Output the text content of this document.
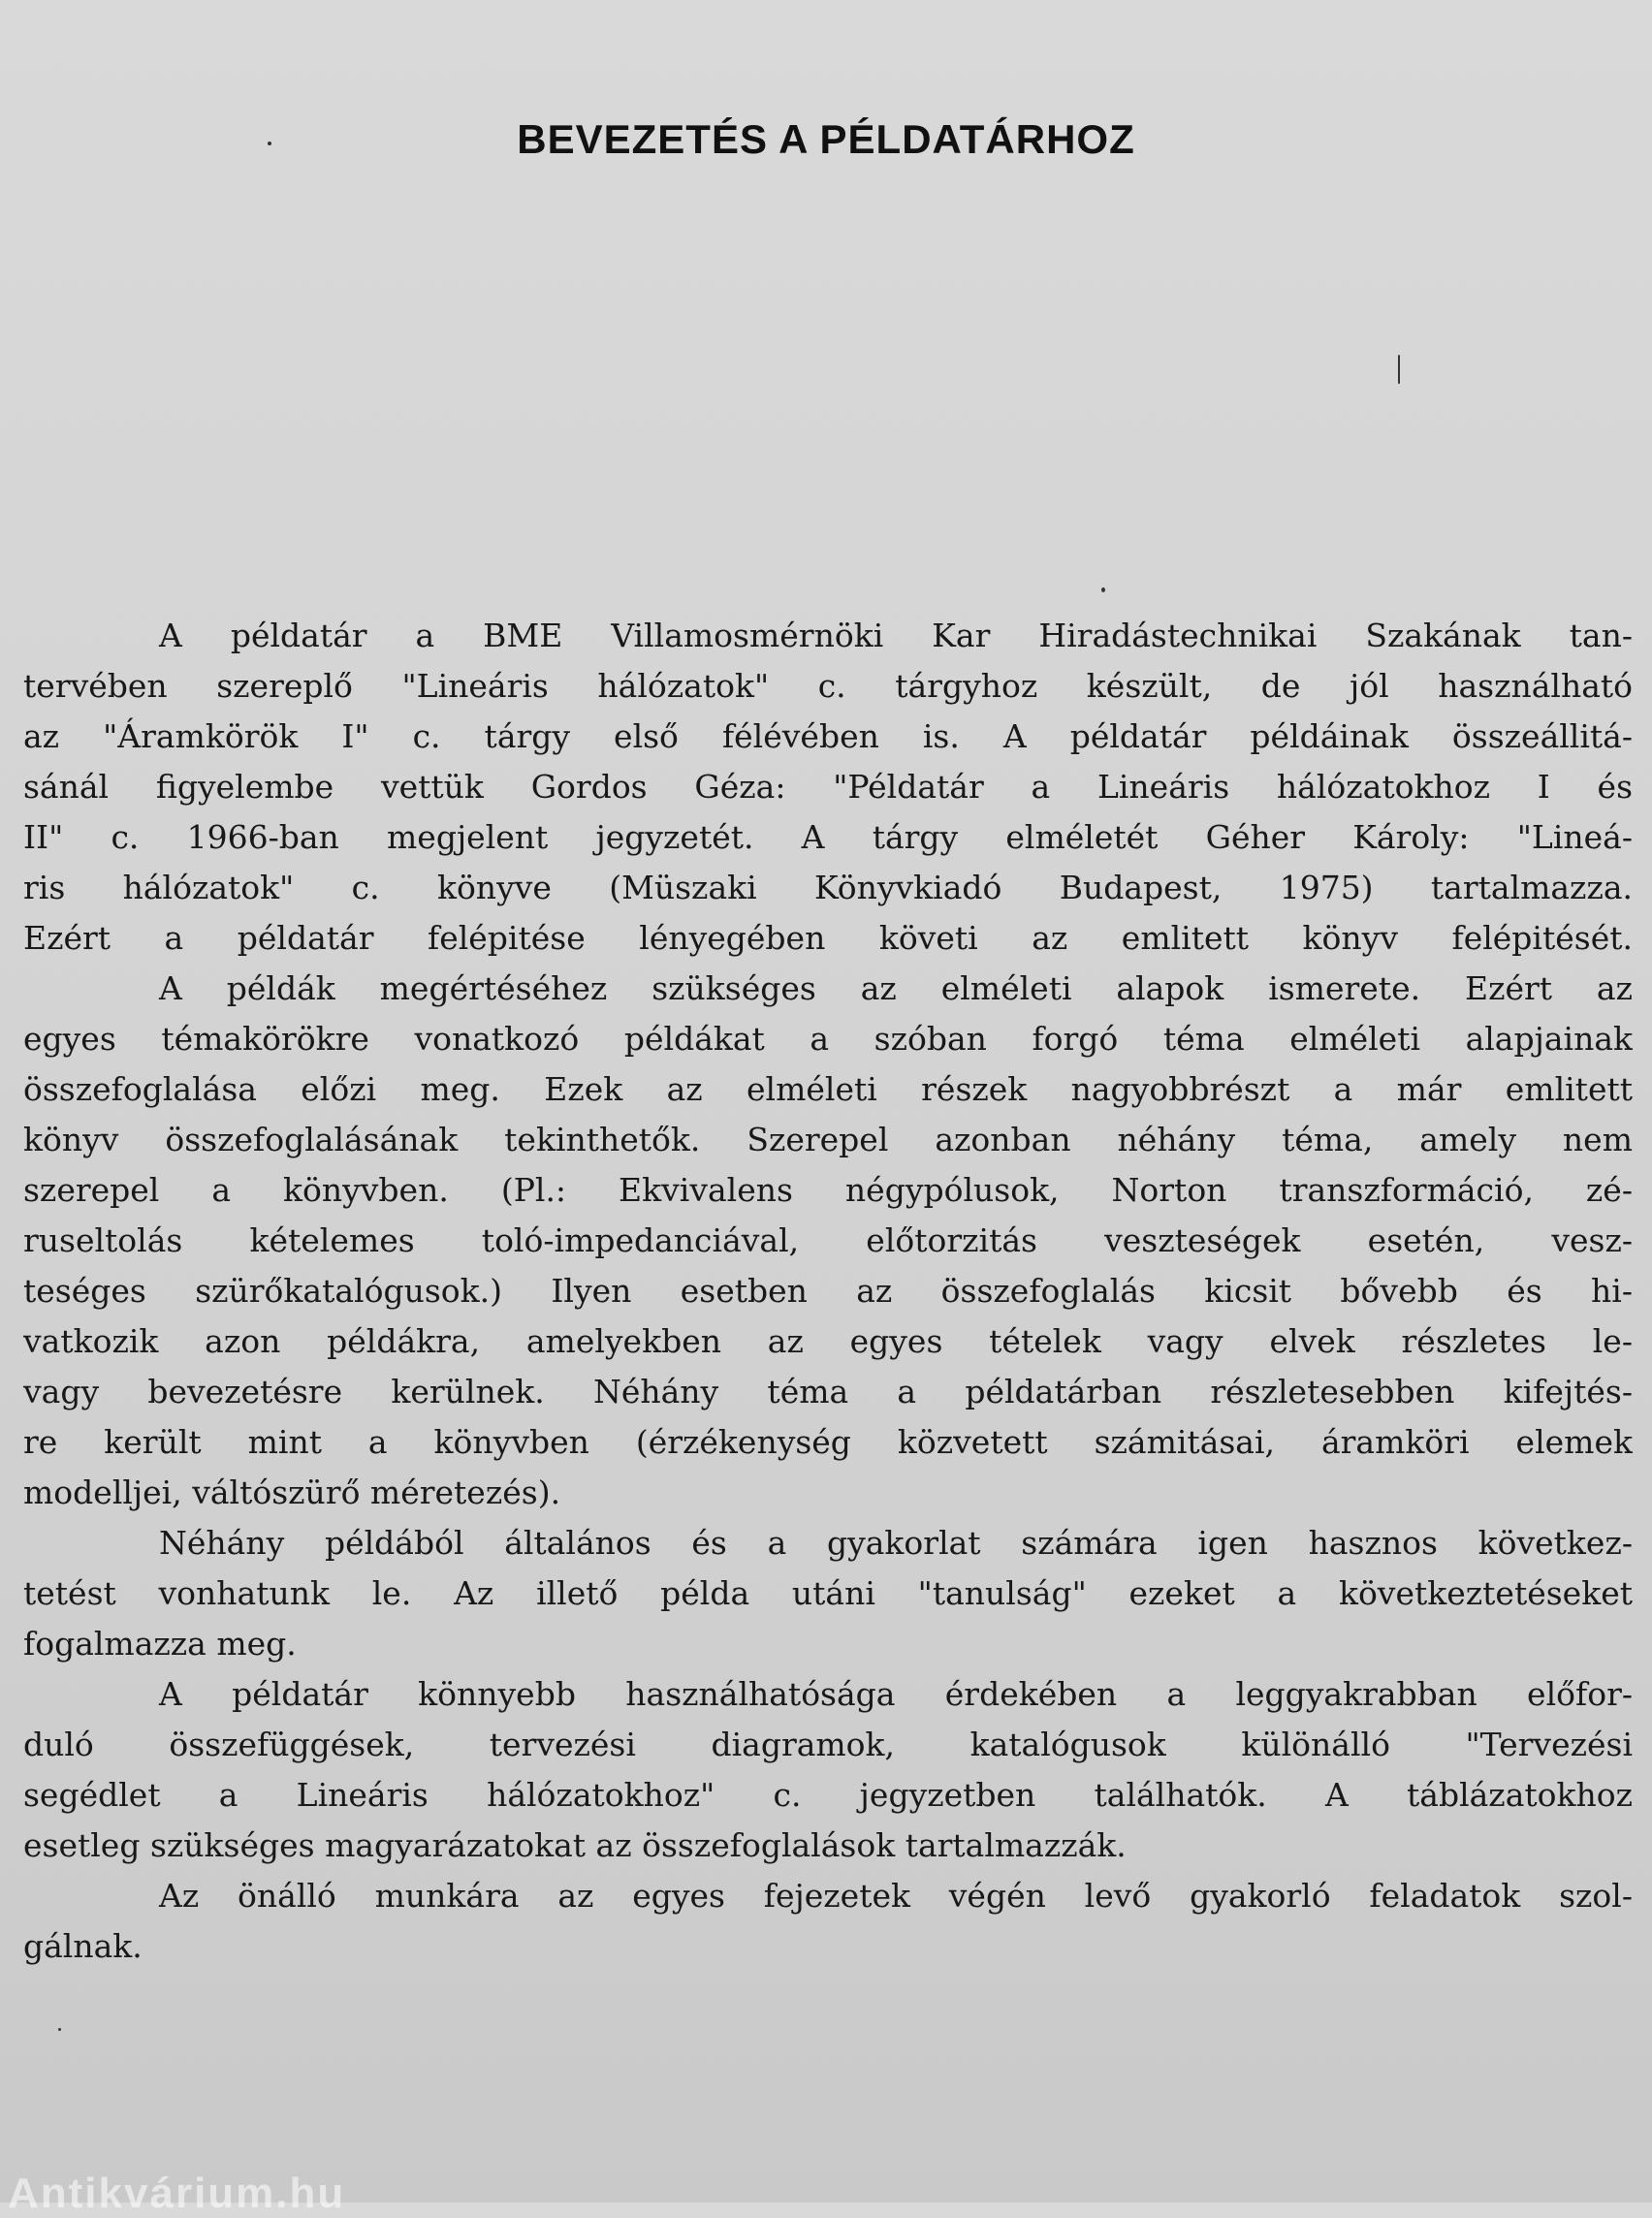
BEVEZETÉS A PÉLDATÁRHOZ
A példatár a BME Villamosmérnöki Kar Hiradástechnikai Szakának tan-
tervében szereplő "Lineáris hálózatok" c. tárgyhoz készült, de jól használható
az "Áramkörök I" c. tárgy első félévében is. A példatár példáinak összeállitá-
sánál figyelembe vettük Gordos Géza: "Példatár a Lineáris hálózatokhoz I és
II" c. 1966-ban megjelent jegyzetét. A tárgy elméletét Géher Károly: "Lineá-
ris hálózatok" c. könyve (Müszaki Könyvkiadó Budapest, 1975) tartalmazza.
Ezért a példatár felépitése lényegében követi az emlitett könyv felépitését.
A példák megértéséhez szükséges az elméleti alapok ismerete. Ezért az
egyes témakörökre vonatkozó példákat a szóban forgó téma elméleti alapjainak
összefoglalása előzi meg. Ezek az elméleti részek nagyobbrészt a már emlitett
könyv összefoglalásának tekinthetők. Szerepel azonban néhány téma, amely nem
szerepel a könyvben. (Pl.: Ekvivalens négypólusok, Norton transzformáció, zé-
ruseltolás kételemes toló-impedanciával, előtorzitás veszteségek esetén, vesz-
teséges szürőkatalógusok.) Ilyen esetben az összefoglalás kicsit bővebb és hi-
vatkozik azon példákra, amelyekben az egyes tételek vagy elvek részletes le-
vagy bevezetésre kerülnek. Néhány téma a példatárban részletesebben kifejtés-
re került mint a könyvben (érzékenység közvetett számitásai, áramköri elemek
modelljei, váltószürő méretezés).
Néhány példából általános és a gyakorlat számára igen hasznos következ-
tetést vonhatunk le. Az illető példa utáni "tanulság" ezeket a következtetéseket
fogalmazza meg.
A példatár könnyebb használhatósága érdekében a leggyakrabban előfor-
duló összefüggések, tervezési diagramok, katalógusok különálló "Tervezési
segédlet a Lineáris hálózatokhoz" c. jegyzetben találhatók. A táblázatokhoz
esetleg szükséges magyarázatokat az összefoglalások tartalmazzák.
Az önálló munkára az egyes fejezetek végén levő gyakorló feladatok szol-
gálnak.
Antikvárium.hu
